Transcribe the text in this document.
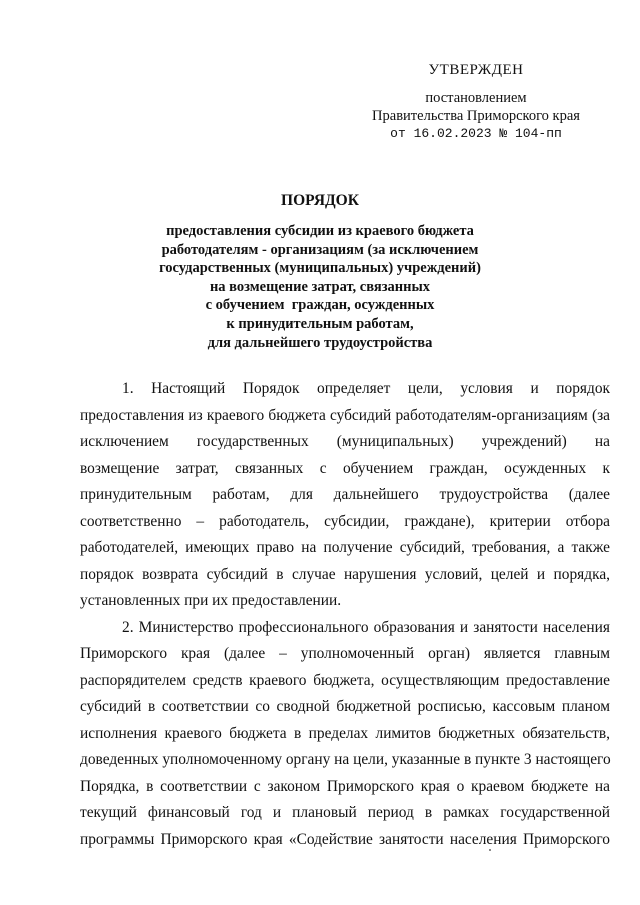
УТВЕРЖДЕН
постановлением
Правительства Приморского края
от 16.02.2023 № 104-пп
ПОРЯДОК
предоставления субсидии из краевого бюджета
работодателям - организациям (за исключением
государственных (муниципальных) учреждений)
на возмещение затрат, связанных
с обучением  граждан, осужденных
к принудительным работам,
для дальнейшего трудоустройства
1. Настоящий Порядок определяет цели, условия и порядок
предоставления из краевого бюджета субсидий работодателям-организациям (за
исключением государственных (муниципальных) учреждений) на
возмещение затрат, связанных с обучением граждан, осужденных к
принудительным работам, для дальнейшего трудоустройства (далее
соответственно – работодатель, субсидии, граждане), критерии отбора
работодателей, имеющих право на получение субсидий, требования, а также
порядок возврата субсидий в случае нарушения условий, целей и порядка,
установленных при их предоставлении.
2. Министерство профессионального образования и занятости населения
Приморского края (далее – уполномоченный орган) является главным
распорядителем средств краевого бюджета, осуществляющим предоставление
субсидий в соответствии со сводной бюджетной росписью, кассовым планом
исполнения краевого бюджета в пределах лимитов бюджетных обязательств,
доведенных уполномоченному органу на цели, указанные в пункте 3 настоящего
Порядка, в соответствии с законом Приморского края о краевом бюджете на
текущий финансовый год и плановый период в рамках государственной
программы Приморского края «Содействие занятости населения Приморского
